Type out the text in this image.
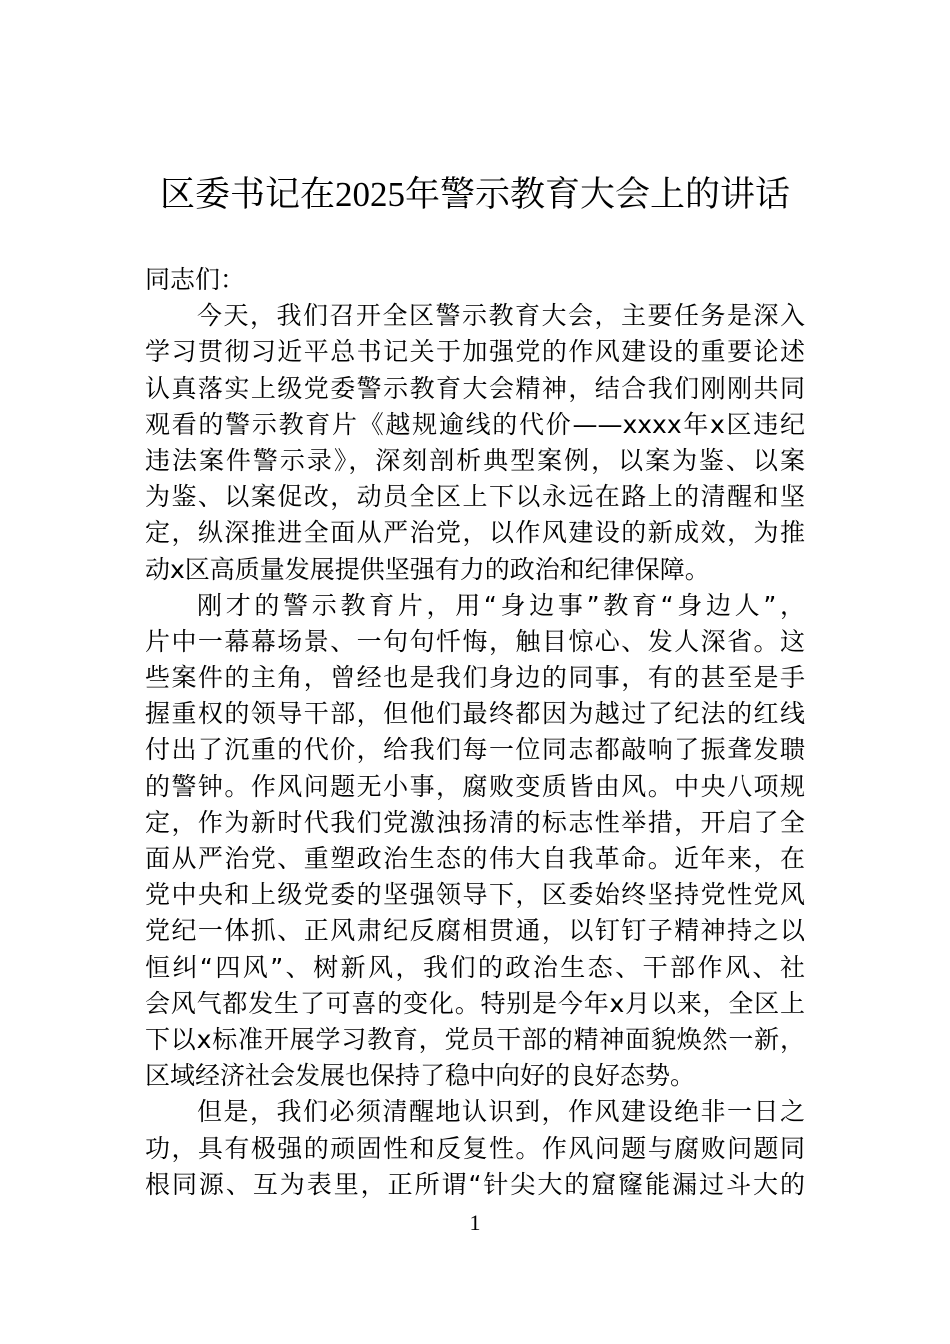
区委书记在2025年警示教育大会上的讲话
同志们：
今天，我们召开全区警示教育大会，主要任务是深入
学习贯彻习近平总书记关于加强党的作风建设的重要论述
认真落实上级党委警示教育大会精神，结合我们刚刚共同
观看的警示教育片《越规逾线的代价——xxxx年x区违纪
违法案件警示录》，深刻剖析典型案例，以案为鉴、以案
为鉴、以案促改，动员全区上下以永远在路上的清醒和坚
定，纵深推进全面从严治党，以作风建设的新成效，为推
动x区高质量发展提供坚强有力的政治和纪律保障。
刚才的警示教育片，用“身边事”教育“身边人”，
片中一幕幕场景、一句句忏悔，触目惊心、发人深省。这
些案件的主角，曾经也是我们身边的同事，有的甚至是手
握重权的领导干部，但他们最终都因为越过了纪法的红线
付出了沉重的代价，给我们每一位同志都敲响了振聋发聩
的警钟。作风问题无小事，腐败变质皆由风。中央八项规
定，作为新时代我们党激浊扬清的标志性举措，开启了全
面从严治党、重塑政治生态的伟大自我革命。近年来，在
党中央和上级党委的坚强领导下，区委始终坚持党性党风
党纪一体抓、正风肃纪反腐相贯通，以钉钉子精神持之以
恒纠“四风”、树新风，我们的政治生态、干部作风、社
会风气都发生了可喜的变化。特别是今年x月以来，全区上
下以x标准开展学习教育，党员干部的精神面貌焕然一新，
区域经济社会发展也保持了稳中向好的良好态势。
但是，我们必须清醒地认识到，作风建设绝非一日之
功，具有极强的顽固性和反复性。作风问题与腐败问题同
根同源、互为表里，正所谓“针尖大的窟窿能漏过斗大的
1
